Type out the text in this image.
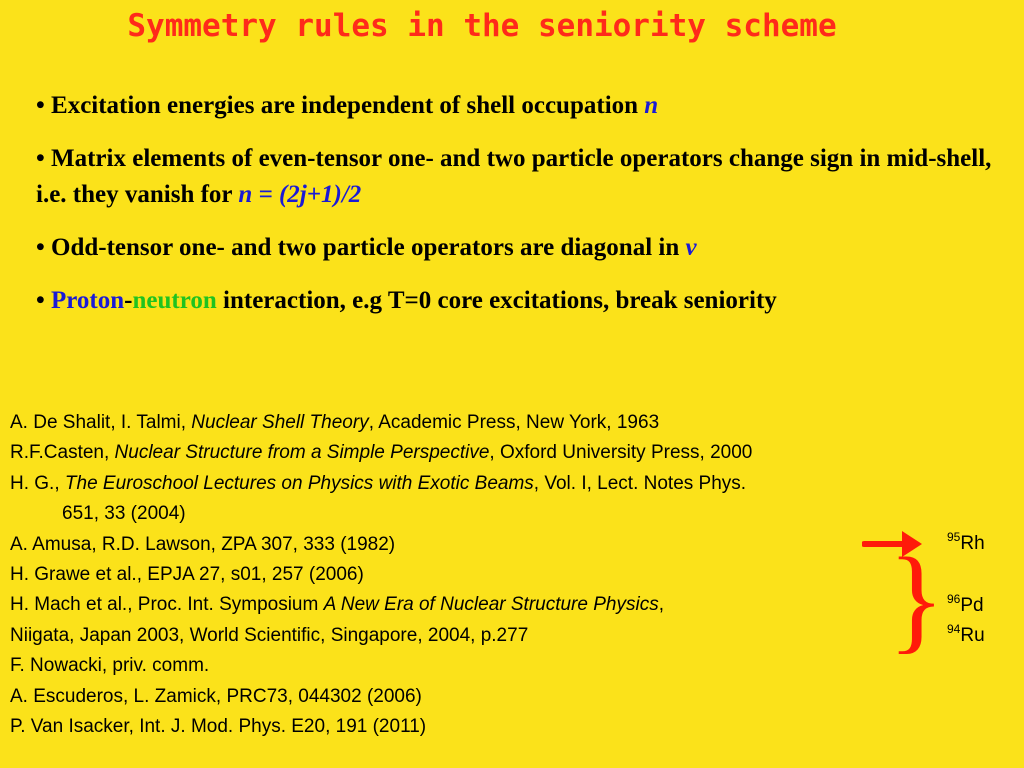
Symmetry rules in the seniority scheme
• Excitation energies are independent of shell occupation n
• Matrix elements of even-tensor one- and two particle operators change sign in mid-shell, i.e. they vanish for n = (2j+1)/2
• Odd-tensor one- and two particle operators are diagonal in ν
• Proton-neutron interaction, e.g T=0 core excitations, break seniority
A. De Shalit, I. Talmi, Nuclear Shell Theory, Academic Press, New York, 1963
R.F.Casten, Nuclear Structure from a Simple Perspective, Oxford University Press, 2000
H. G., The Euroschool Lectures on Physics with Exotic Beams, Vol. I, Lect. Notes Phys.
651, 33 (2004)
A. Amusa, R.D. Lawson, ZPA 307, 333 (1982)
H. Grawe et al., EPJA 27, s01, 257 (2006)
H. Mach et al., Proc. Int. Symposium A New Era of Nuclear Structure Physics,
Niigata, Japan 2003, World Scientific, Singapore, 2004, p.277
F. Nowacki, priv. comm.
A. Escuderos, L. Zamick, PRC73, 044302 (2006)
P. Van Isacker, Int. J. Mod. Phys. E20, 191 (2011)
} $^{95}$Rh
$^{96}$Pd
$^{94}$Ru
